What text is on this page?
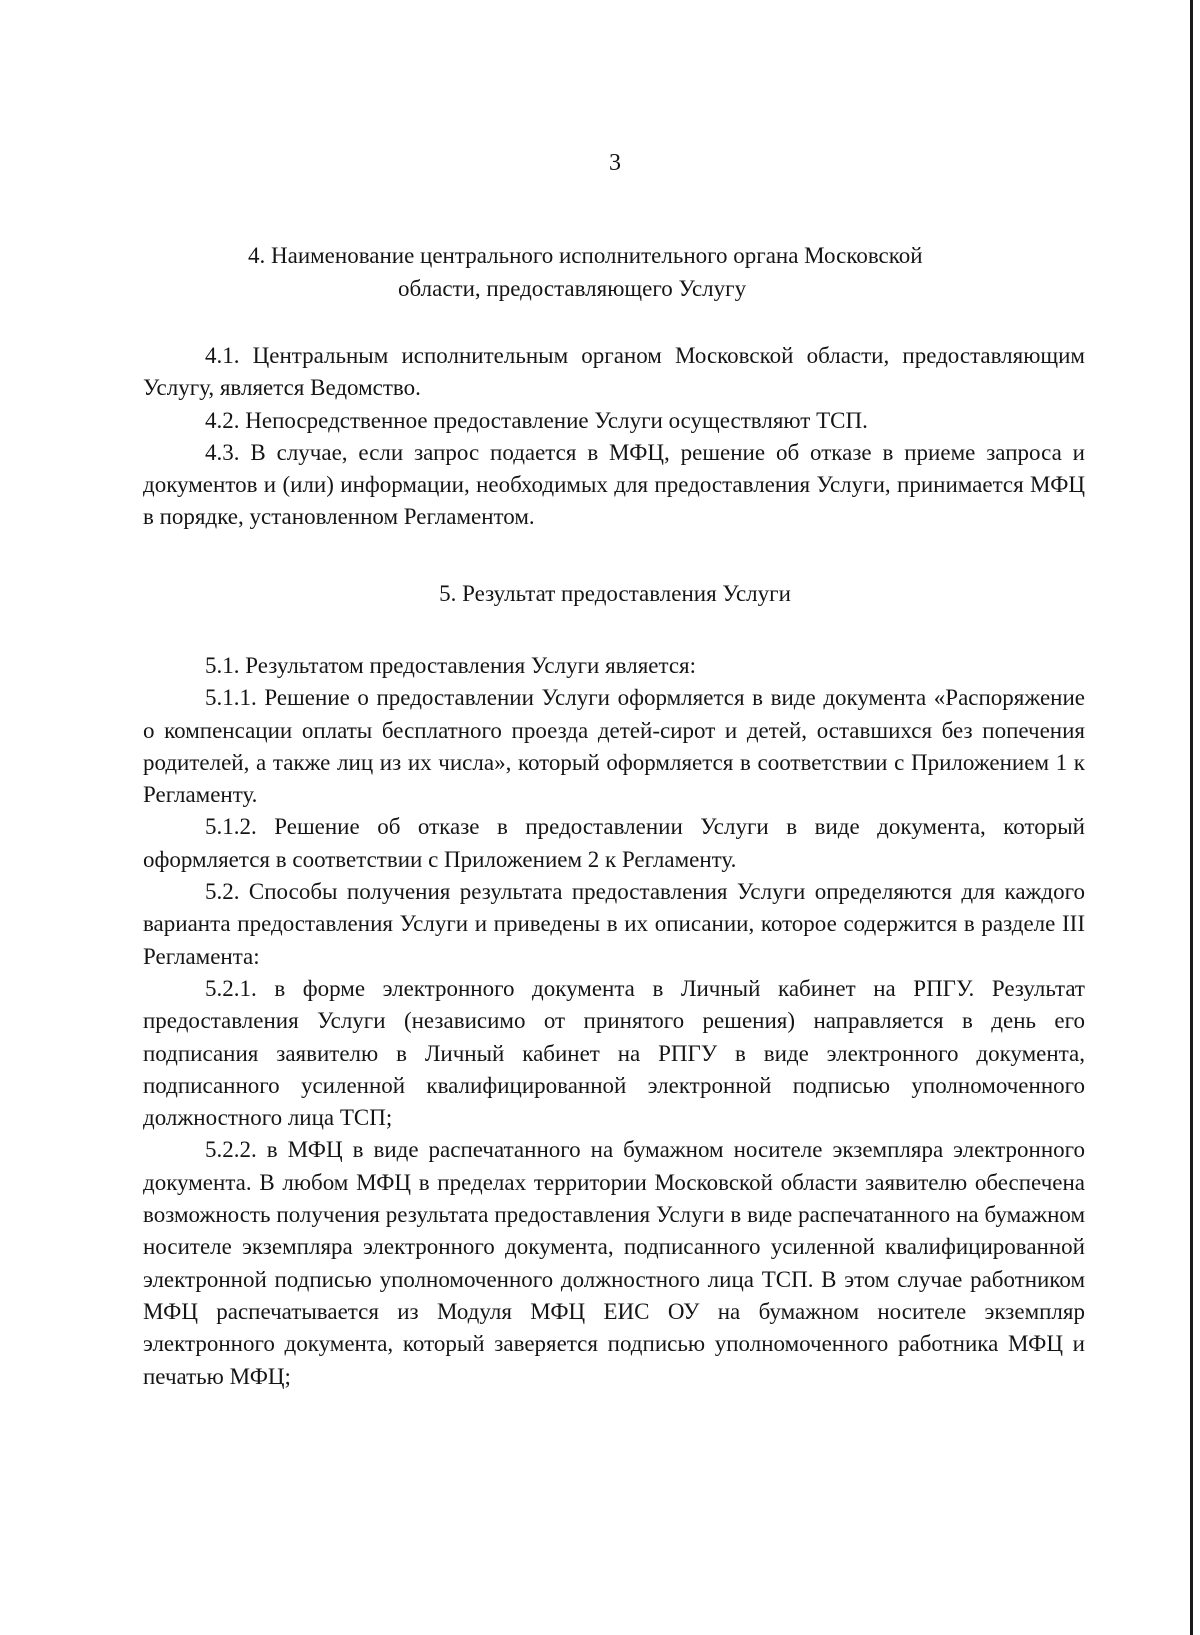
3
4. Наименование центрального исполнительного органа Московской
области, предоставляющего Услугу

4.1. Центральным исполнительным органом Московской области, предоставляющим Услугу, является Ведомство.

4.2. Непосредственное предоставление Услуги осуществляют ТСП.

4.3. В случае, если запрос подается в МФЦ, решение об отказе в приеме запроса и документов и (или) информации, необходимых для предоставления Услуги, принимается МФЦ в порядке, установленном Регламентом.

5. Результат предоставления Услуги

5.1. Результатом предоставления Услуги является:

5.1.1. Решение о предоставлении Услуги оформляется в виде документа «Распоряжение о компенсации оплаты бесплатного проезда детей-сирот и детей, оставшихся без попечения родителей, а также лиц из их числа», который оформляется в соответствии с Приложением 1 к Регламенту.

5.1.2. Решение об отказе в предоставлении Услуги в виде документа, который оформляется в соответствии с Приложением 2 к Регламенту.

5.2. Способы получения результата предоставления Услуги определяются для каждого варианта предоставления Услуги и приведены в их описании, которое содержится в разделе III Регламента:

5.2.1. в форме электронного документа в Личный кабинет на РПГУ. Результат предоставления Услуги (независимо от принятого решения) направляется в день его подписания заявителю в Личный кабинет на РПГУ в виде электронного документа, подписанного усиленной квалифицированной электронной подписью уполномоченного должностного лица ТСП;

5.2.2. в МФЦ в виде распечатанного на бумажном носителе экземпляра электронного документа. В любом МФЦ в пределах территории Московской области заявителю обеспечена возможность получения результата предоставления Услуги в виде распечатанного на бумажном носителе экземпляра электронного документа, подписанного усиленной квалифицированной электронной подписью уполномоченного должностного лица ТСП. В этом случае работником МФЦ распечатывается из Модуля МФЦ ЕИС ОУ на бумажном носителе экземпляр электронного документа, который заверяется подписью уполномоченного работника МФЦ и печатью МФЦ;
